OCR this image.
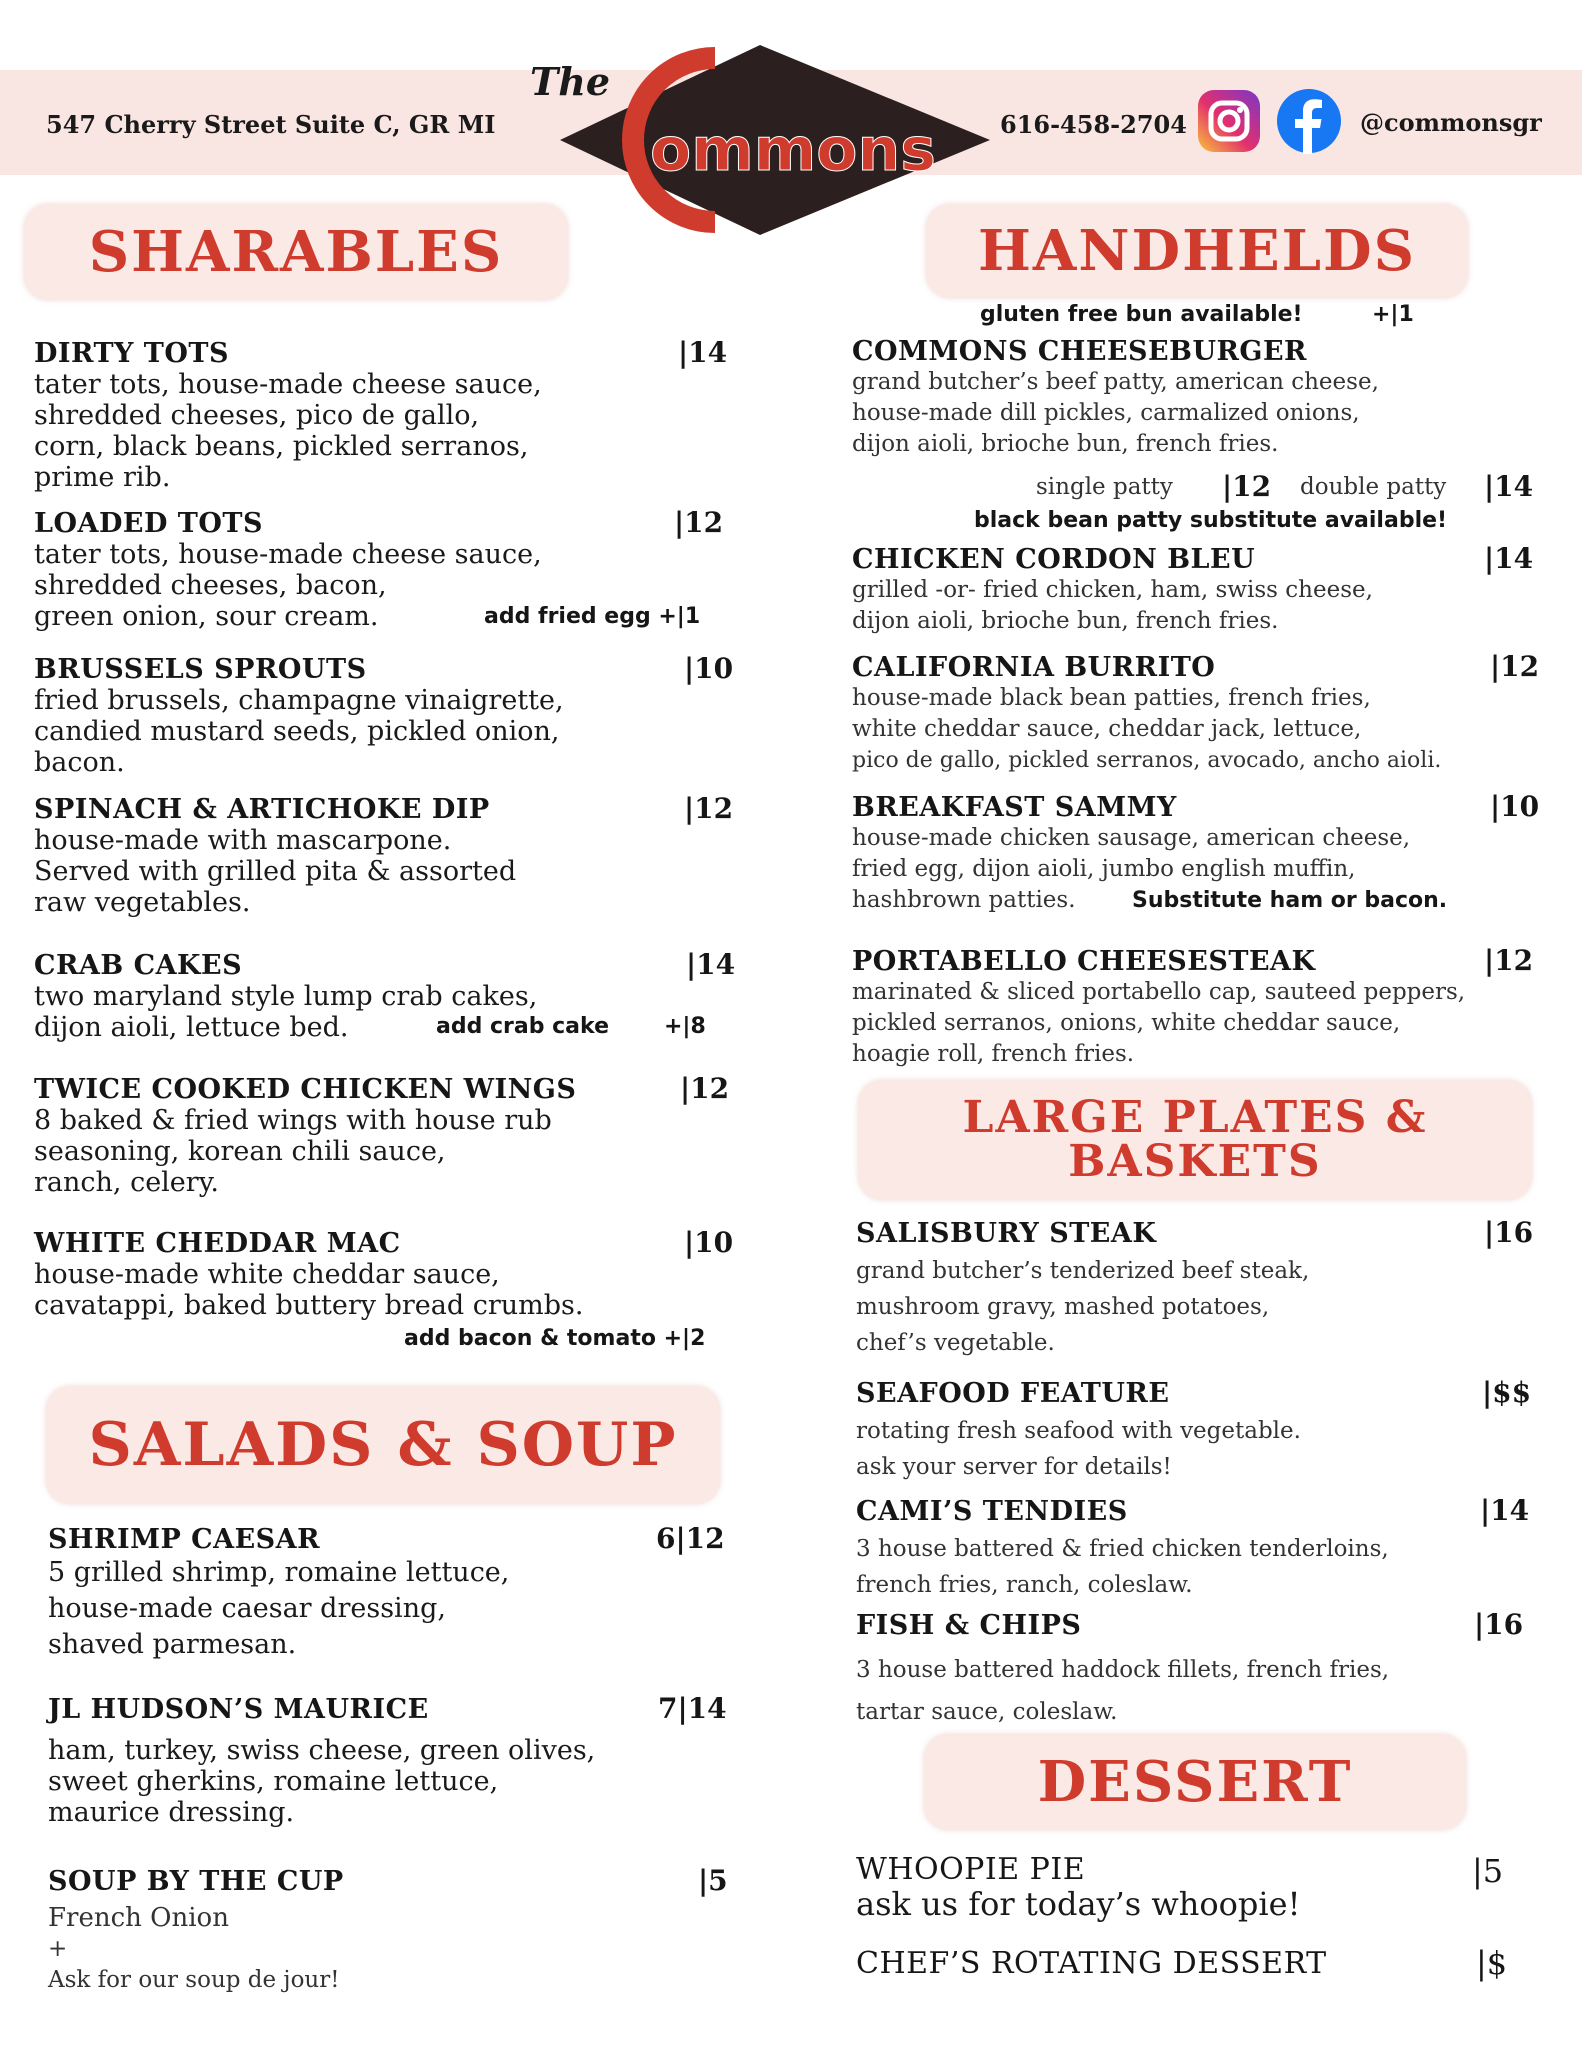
547 Cherry Street Suite C, GR MI
The
ommons	616-458-2704	@commonsgr
SHARABLES
DIRTY TOTS
tater tots, house-made cheese sauce,
shredded cheeses, pico de gallo,
corn, black beans, pickled serranos,
prime rib.
|14
LOADED TOTS
tater tots, house-made cheese sauce,
shredded cheeses, bacon,
green onion, sour cream.
|12
add fried egg +|1
BRUSSELS SPROUTS
fried brussels, champagne vinaigrette,
candied mustard seeds, pickled onion,
bacon.
|10
SPINACH & ARTICHOKE DIP
house-made with mascarpone.
Served with grilled pita & assorted
raw vegetables.
|12
CRAB CAKES
two maryland style lump crab cakes,
dijon aioli, lettuce bed.
|14
add crab cake	+|8
TWICE COOKED CHICKEN WINGS
8 baked & fried wings with house rub
seasoning, korean chili sauce,
ranch, celery.
|12
WHITE CHEDDAR MAC
house-made white cheddar sauce,
cavatappi, baked buttery bread crumbs.
|10
add bacon & tomato +|2
SALADS & SOUP
SHRIMP CAESAR
5 grilled shrimp, romaine lettuce,
house-made caesar dressing,
shaved parmesan.
6|12
JL HUDSON’S MAURICE
ham, turkey, swiss cheese, green olives,
sweet gherkins, romaine lettuce,
maurice dressing.
7|14
SOUP BY THE CUP
French Onion
+
Ask for our soup de jour!
|5
HANDHELDS
gluten free bun available!	+|1
COMMONS CHEESEBURGER
grand butcher’s beef patty, american cheese,
house-made dill pickles, carmalized onions,
dijon aioli, brioche bun, french fries.
single patty |12 double patty |14
black bean patty substitute available!
CHICKEN CORDON BLEU
grilled -or- fried chicken, ham, swiss cheese,
dijon aioli, brioche bun, french fries.
|14
CALIFORNIA BURRITO
house-made black bean patties, french fries,
white cheddar sauce, cheddar jack, lettuce,
pico de gallo, pickled serranos, avocado, ancho aioli.
|12
BREAKFAST SAMMY
house-made chicken sausage, american cheese,
fried egg, dijon aioli, jumbo english muffin,
hashbrown patties.
|10
Substitute ham or bacon.
PORTABELLO CHEESESTEAK
marinated & sliced portabello cap, sauteed peppers,
pickled serranos, onions, white cheddar sauce,
hoagie roll, french fries.
|12
LARGE PLATES &
BASKETS
SALISBURY STEAK
grand butcher’s tenderized beef steak,
mushroom gravy, mashed potatoes,
chef’s vegetable.
|16
SEAFOOD FEATURE
rotating fresh seafood with vegetable.
ask your server for details!
|$$
CAMI’S TENDIES
3 house battered & fried chicken tenderloins,
french fries, ranch, coleslaw.
|14
FISH & CHIPS
3 house battered haddock fillets, french fries,
tartar sauce, coleslaw.
|16
DESSERT
WHOOPIE PIE
ask us for today’s whoopie!
|5
CHEF’S ROTATING DESSERT	|$
